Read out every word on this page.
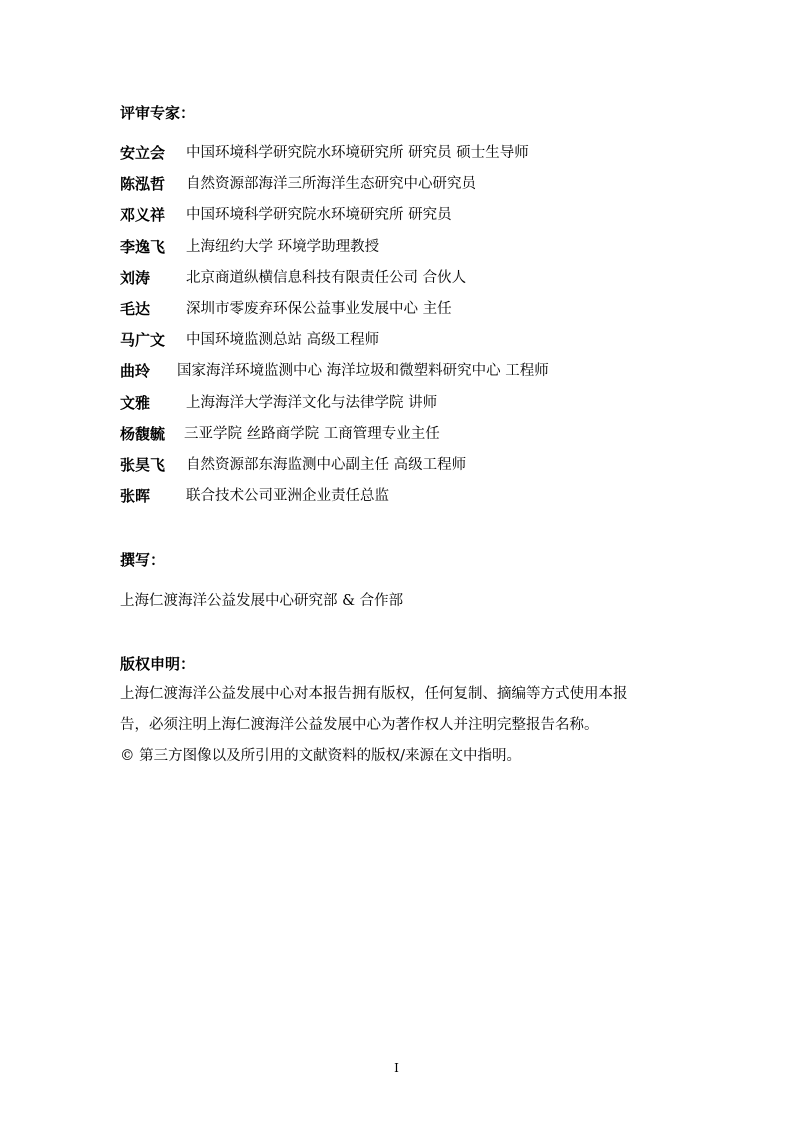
评审专家：
安立会 中国环境科学研究院水环境研究所 研究员 硕士生导师
陈泓哲 自然资源部海洋三所海洋生态研究中心研究员
邓义祥 中国环境科学研究院水环境研究所 研究员
李逸飞 上海纽约大学 环境学助理教授
刘涛 北京商道纵横信息科技有限责任公司 合伙人
毛达 深圳市零废弃环保公益事业发展中心 主任
马广文 中国环境监测总站 高级工程师
曲玲 国家海洋环境监测中心 海洋垃圾和微塑料研究中心 工程师
文雅 上海海洋大学海洋文化与法律学院 讲师
杨馥毓 三亚学院 丝路商学院 工商管理专业主任
张昊飞 自然资源部东海监测中心副主任 高级工程师
张晖 联合技术公司亚洲企业责任总监
撰写：
上海仁渡海洋公益发展中心研究部 & 合作部
版权申明：
上海仁渡海洋公益发展中心对本报告拥有版权，任何复制、摘编等方式使用本报
告，必须注明上海仁渡海洋公益发展中心为著作权人并注明完整报告名称。
© 第三方图像以及所引用的文献资料的版权/来源在文中指明。
I
